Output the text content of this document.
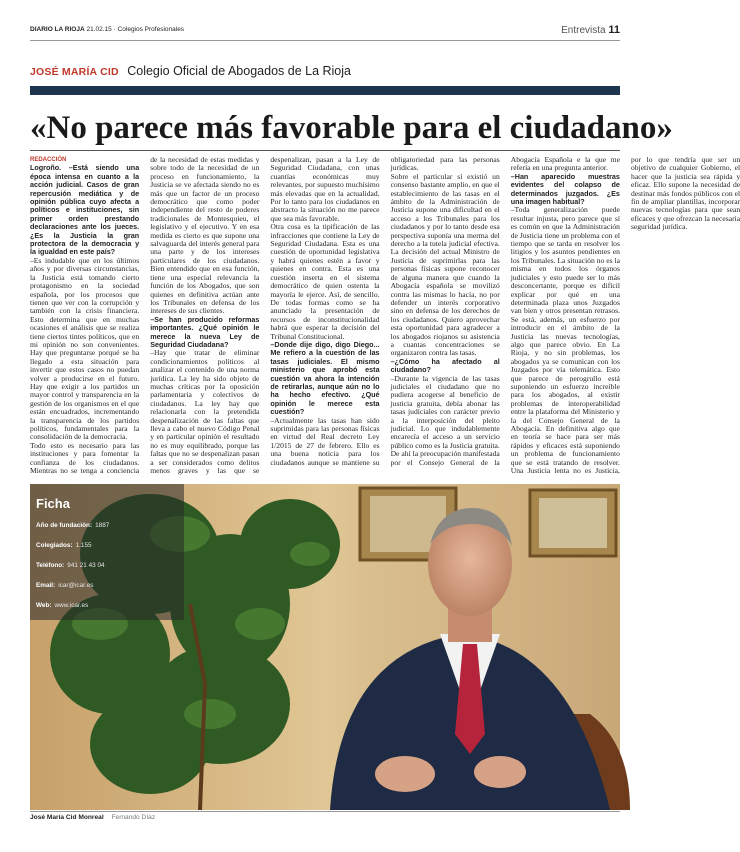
DIARIO LA RIOJA 21.02.15 · Colegios Profesionales	Entrevista 11
JOSÉ MARÍA CID Colegio Oficial de Abogados de La Rioja
«No parece más favorable para el ciudadano»

REDACCIÓN

Logroño. –Está siendo una época intensa en cuanto a la acción judicial. Casos de gran repercusión mediática y de opinión pública cuyo afecta a políticos e instituciones, sin primer orden prestando declaraciones ante los jueces. ¿Es la Justicia la gran protectora de la democracia y la igualdad en este país?

–Es indudable que en los últimos años y por diversas circunstancias, la Justicia está tomando cierto protagonismo en la sociedad española, por los procesos que tienen que ver con la corrupción y también con la crisis financiera. Esto determina que en muchas ocasiones el análisis que se realiza tiene ciertos tintes políticos, que en mi opinión no son convenientes. Hay que preguntarse porqué se ha llegado a esta situación para invertir que estos casos no puedan volver a producirse en el futuro. Hay que exigir a los partidos un mayor control y transparencia en la gestión de los organismos en el que están encuadrados, incrementando la transparencia de los partidos políticos, fundamentales para la consolidación de la democracia.

Todo esto es necesario para las instituciones y para fomentar la confianza de los ciudadanos. Mientras no se tenga a conciencia de la necesidad de estas medidas y sobre todo de la necesidad de un proceso en funcionamiento, la Justicia se ve afectada siendo no es más que un factor de un proceso democrático que como poder independiente del resto de poderes tradicionales de Montesquieu, el legislativo y el ejecutivo. Y en esa medida es cierto es que supone una salvaguarda del interés general para una parte y de los intereses particulares de los ciudadanos. Bien entendido que en esa función, tiene una especial relevancia la función de los Abogados, que son quienes en definitiva actúan ante los Tribunales en defensa de los intereses de sus clientes.

–Se han producido reformas importantes. ¿Qué opinión le merece la nueva Ley de Seguridad Ciudadana?

–Hay que tratar de eliminar condicionamientos políticos al analizar el contenido de una norma jurídica. La ley ha sido objeto de muchas críticas por la oposición parlamentaria y colectivos de ciudadanos. La ley hay que relacionarla con la pretendida despenalización de las faltas que lleva a cabo el nuevo Código Penal y en particular opinión el resultado no es muy equilibrado, porque las faltas que no se despenalizan pasan a ser considerados como delitos menos graves y las que se despenalizan, pasan a la Ley de Seguridad Ciudadana, con unas cuantías económicas muy relevantes, por supuesto muchísimo más elevadas que en la actualidad. Por lo tanto para los ciudadanos en abstracto la situación no me parece que sea más favorable.

Otra cosa es la tipificación de las infracciones que contiene la Ley de Seguridad Ciudadana. Esta es una cuestión de oportunidad legislativa y habrá quienes estén a favor y quienes en contra. Esta es una cuestión inserta en el sistema democrático de quien ostenta la mayoría le ejerce. Así, de sencillo. De todas formas como se ha anunciado la presentación de recursos de inconstitucionalidad habrá que esperar la decisión del Tribunal Constitucional.

–Donde dije digo, digo Diego... Me refiero a la cuestión de las tasas judiciales. El mismo ministerio que aprobó esta cuestión va ahora la intención de retirarlas, aunque aún no lo ha hecho efectivo. ¿Qué opinión le merece esta cuestión?

–Actualmente las tasas han sido suprimidas para las personas físicas en virtud del Real decreto Ley 1/2015 de 27 de febrero. Ello es una buena noticia para los ciudadanos aunque se mantiene su obligatoriedad para las personas jurídicas.

Sobre el particular sí existió un consenso bastante amplio, en que el establecimiento de las tasas en el ámbito de la Administración de Justicia supone una dificultad en el acceso a los Tribunales para los ciudadanos y por lo tanto desde esa perspectiva suponía una merma del derecho a la tutela judicial efectiva. La decisión del actual Ministro de Justicia de suprimirlas para las personas físicas supone reconocer de alguna manera que cuando la Abogacía española se movilizó contra las mismas lo hacía, no por defender un interés corporativo sino en defensa de los derechos de los ciudadanos. Quiero aprovechar esta oportunidad para agradecer a los abogados riojanos su asistencia a cuantas concentraciones se organizaron contra las tasas.

–¿Cómo ha afectado al ciudadano?

–Durante la vigencia de las tasas judiciales el ciudadano que no pudiera acogerse al beneficio de justicia gratuita, debía abonar las tasas judiciales con carácter previo a la interposición del pleito judicial. Lo que indudablemente encarecía el acceso a un servicio público como es la Justicia gratuita. De ahí la preocupación manifestada por el Consejo General de la Abogacía Española e la que me refería en una pregunta anterior.

–Han aparecido muestras evidentes del colapso de determinados juzgados. ¿Es una imagen habitual?

–Toda generalización puede resultar injusta, pero parece que sí es común en que la Administración de Justicia tiene un problema con el tiempo que se tarda en resolver los litigios y los asuntos pendientes en los Tribunales. La situación no es la misma en todos los órganos judiciales y esto puede ser lo más desconcertante, porque es difícil explicar por qué en una determinada plaza unos Juzgados van bien y otros presentan retrasos. Se está, además, un esfuerzo por introducir en el ámbito de la Justicia las nuevas tecnologías, algo que parece obvio. En La Rioja, y no sin problemas, los abogados ya se comunican con los Juzgados por vía telemática. Esto que parece de perogrullo está suponiendo un esfuerzo increíble para los abogados, al existir problemas de interoperabilidad entre la plataforma del Ministerio y la del Consejo General de la Abogacía. En definitiva algo que en teoría se hace para ser más rápidos y eficaces está suponiendo un problema de funcionamiento que se está tratando de resolver. Una Justicia lenta no es Justicia, por lo que tendría que ser un objetivo de cualquier Gobierno, el hacer que la justicia sea rápida y eficaz. Ello supone la necesidad de destinar más fondos públicos con el fin de ampliar plantillas, incorporar nuevas tecnologías para que sean eficaces y que ofrezcan la necesaria seguridad jurídica.

Ficha
Año de fundación: 1887
Colegiados: 1.155
Teléfono: 941 21 43 04
Email: icar@icar.es
Web: www.icar.es
José María Cid Monreal Fernando Díaz
